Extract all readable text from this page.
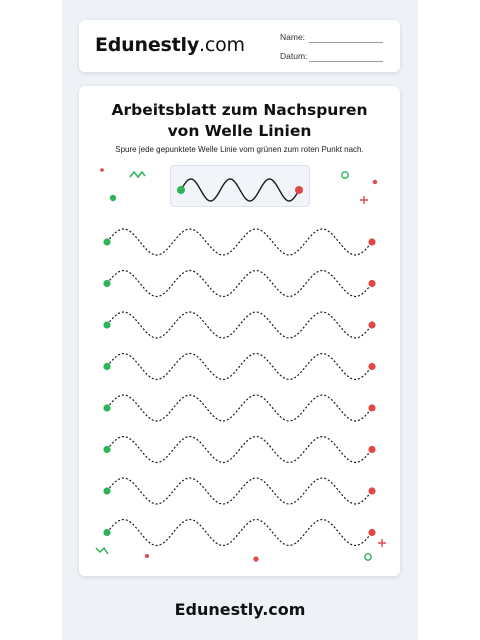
Edunestly.com	Name:
Datum:
Arbeitsblatt zum Nachspuren
von Welle Linien
Spure jede gepunktete Welle Linie vom grünen zum roten Punkt nach.
Edunestly.com
